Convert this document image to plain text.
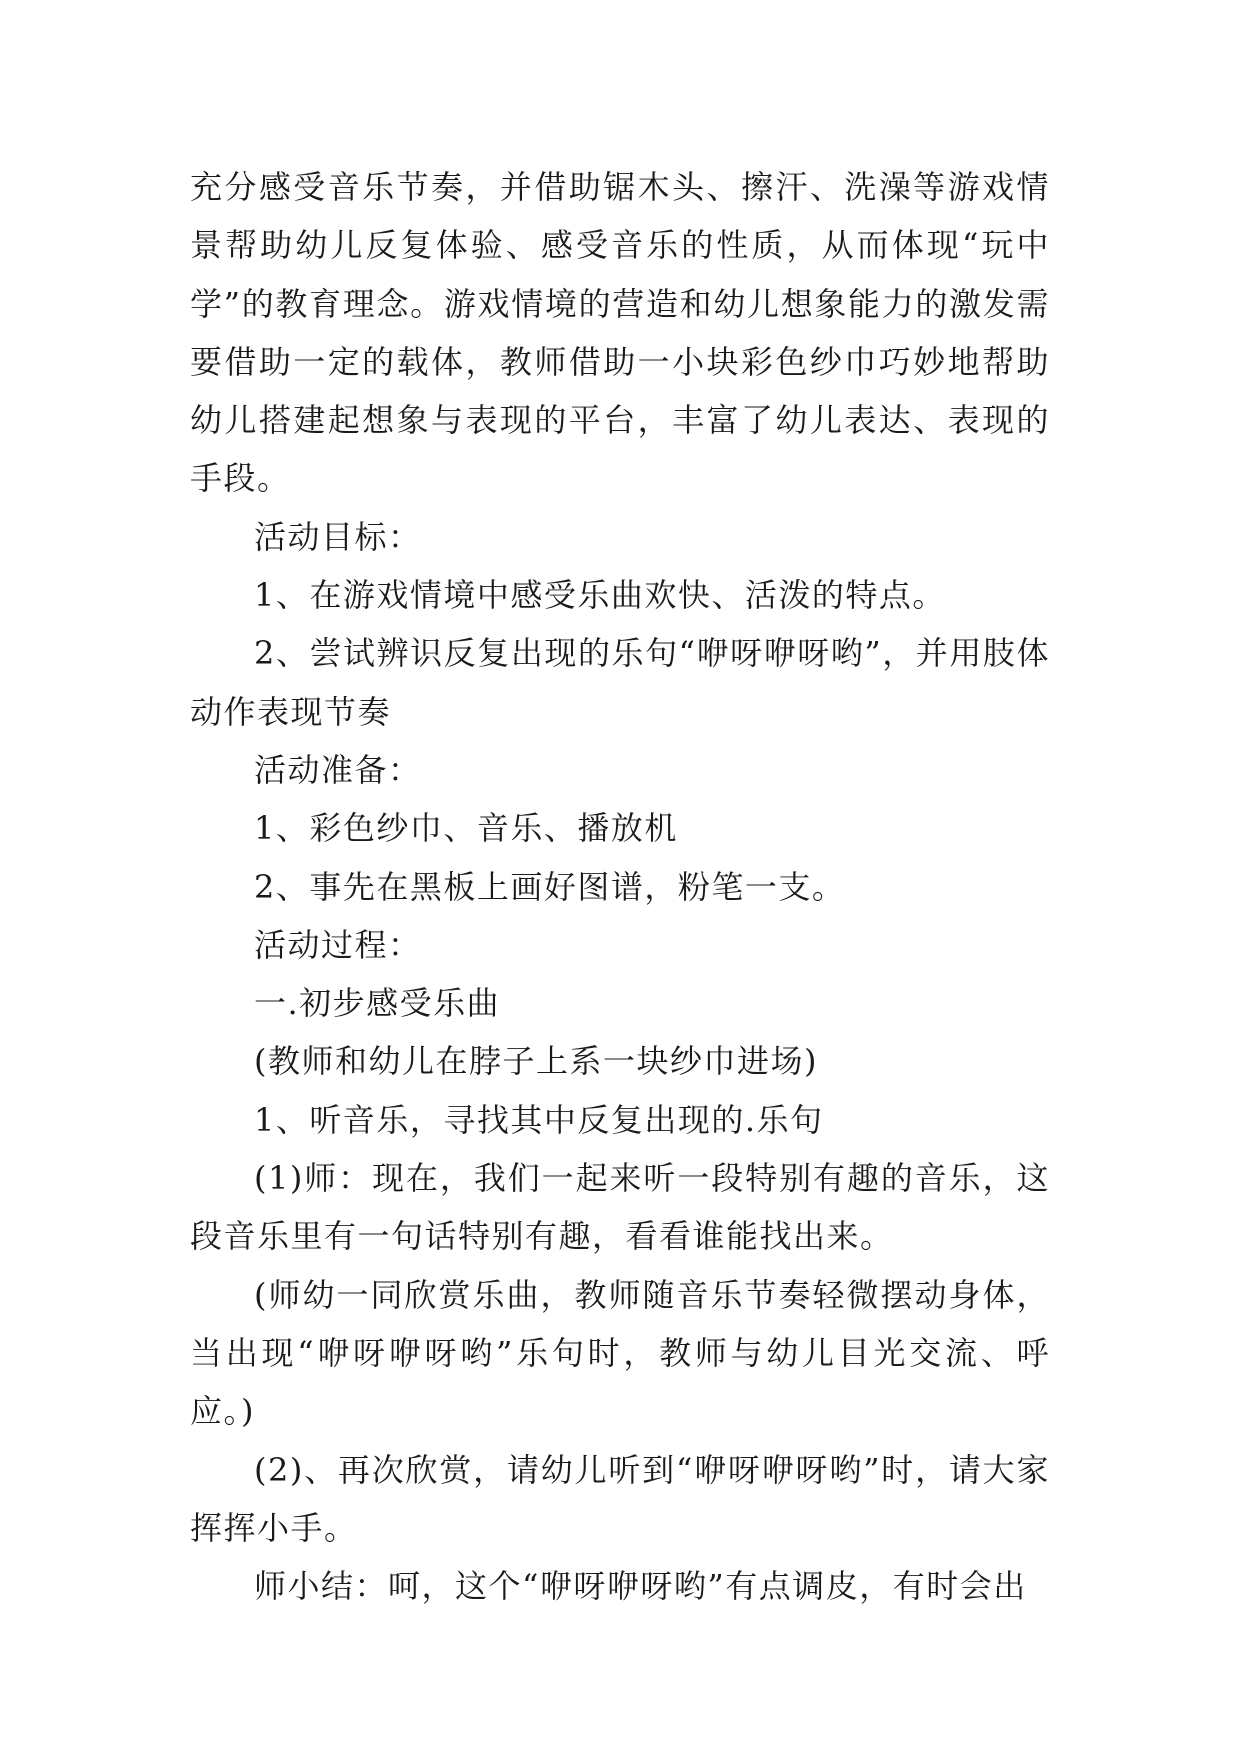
充分感受音乐节奏，并借助锯木头、擦汗、洗澡等游戏情景帮助幼儿反复体验、感受音乐的性质，从而体现“玩中学”的教育理念。游戏情境的营造和幼儿想象能力的激发需要借助一定的载体，教师借助一小块彩色纱巾巧妙地帮助幼儿搭建起想象与表现的平台，丰富了幼儿表达、表现的手段。

活动目标：

1、在游戏情境中感受乐曲欢快、活泼的特点。

2、尝试辨识反复出现的乐句“咿呀咿呀哟”，并用肢体动作表现节奏

活动准备：

1、彩色纱巾、音乐、播放机

2、事先在黑板上画好图谱，粉笔一支。

活动过程：

一.初步感受乐曲

(教师和幼儿在脖子上系一块纱巾进场)

1、听音乐，寻找其中反复出现的.乐句

(1)师：现在，我们一起来听一段特别有趣的音乐，这段音乐里有一句话特别有趣，看看谁能找出来。

(师幼一同欣赏乐曲，教师随音乐节奏轻微摆动身体，当出现“咿呀咿呀哟”乐句时，教师与幼儿目光交流、呼应。)

(2)、再次欣赏，请幼儿听到“咿呀咿呀哟”时，请大家挥挥小手。

师小结：呵，这个“咿呀咿呀哟”有点调皮，有时会出
